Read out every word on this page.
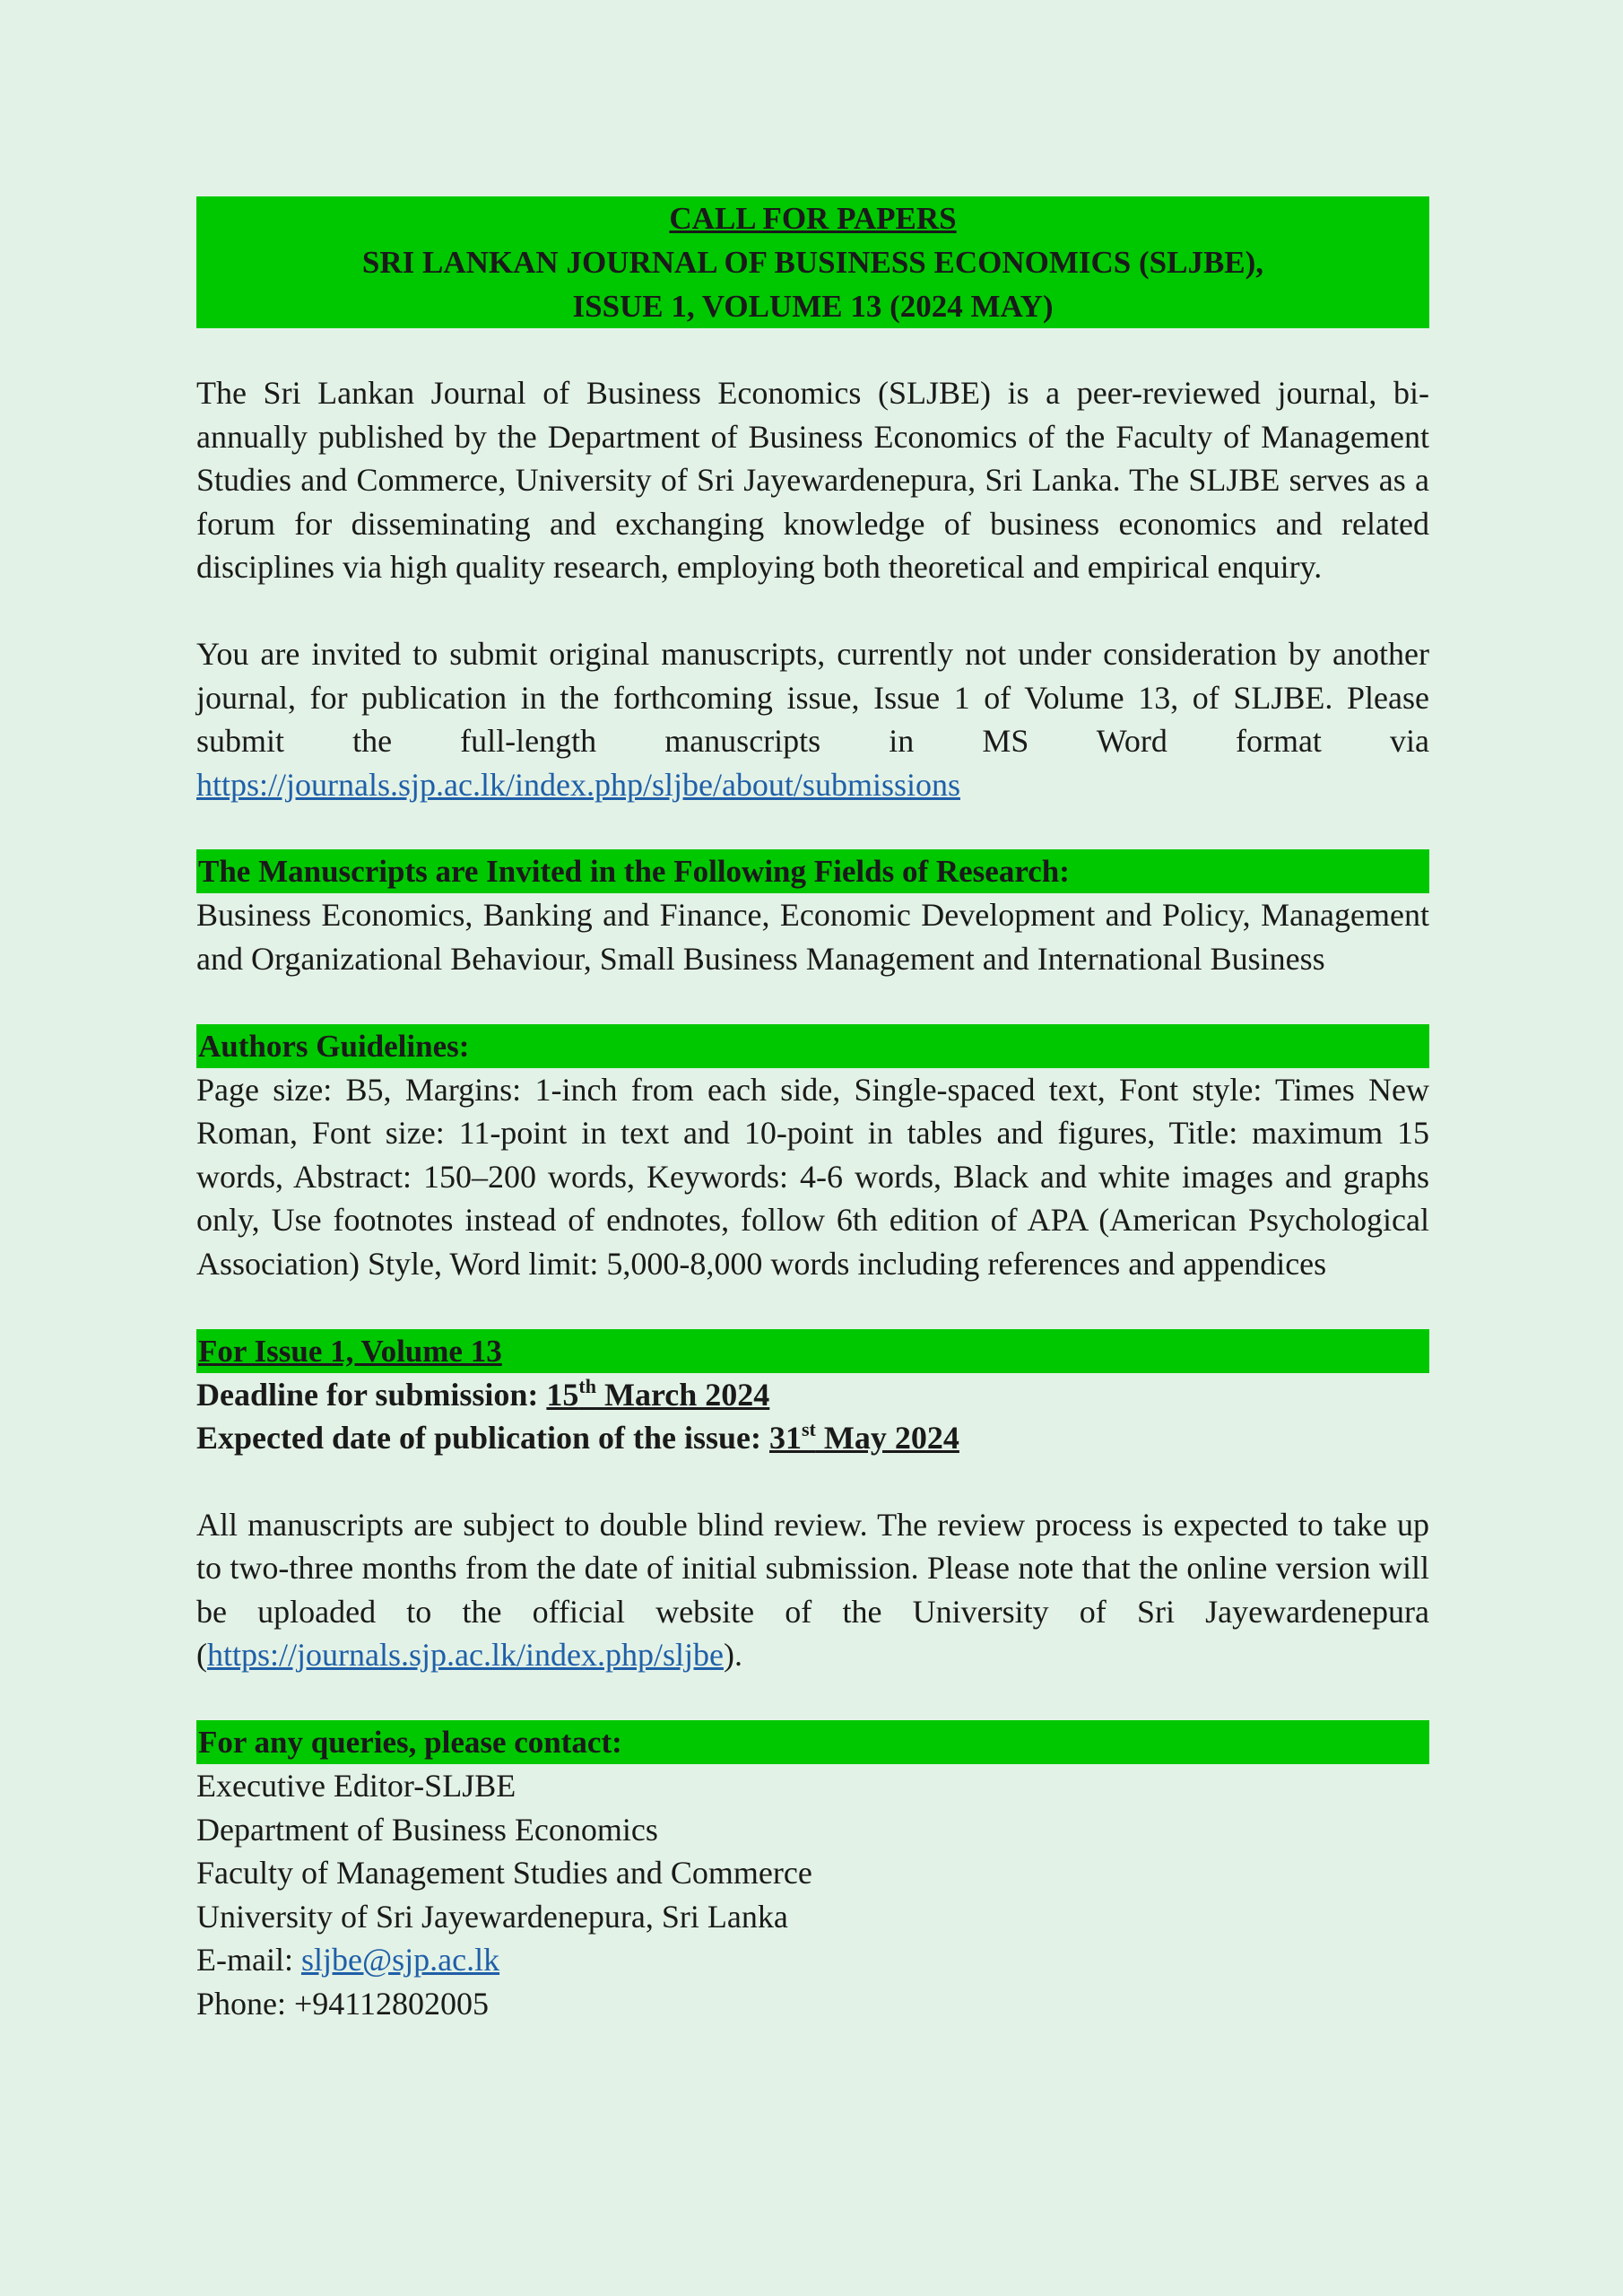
CALL FOR PAPERS
SRI LANKAN JOURNAL OF BUSINESS ECONOMICS (SLJBE),
ISSUE 1, VOLUME 13 (2024 MAY)

The Sri Lankan Journal of Business Economics (SLJBE) is a peer-reviewed journal, bi-annually published by the Department of Business Economics of the Faculty of Management Studies and Commerce, University of Sri Jayewardenepura, Sri Lanka. The SLJBE serves as a forum for disseminating and exchanging knowledge of business economics and related disciplines via high quality research, employing both theoretical and empirical enquiry.

You are invited to submit original manuscripts, currently not under consideration by another journal, for publication in the forthcoming issue, Issue 1 of Volume 13, of SLJBE. Please submit the full-length manuscripts in MS Word format via https://journals.sjp.ac.lk/index.php/sljbe/about/submissions

The Manuscripts are Invited in the Following Fields of Research:

Business Economics, Banking and Finance, Economic Development and Policy, Management and Organizational Behaviour, Small Business Management and International Business

Authors Guidelines:

Page size: B5, Margins: 1-inch from each side, Single-spaced text, Font style: Times New Roman, Font size: 11-point in text and 10-point in tables and figures, Title: maximum 15 words, Abstract: 150–200 words, Keywords: 4-6 words, Black and white images and graphs only, Use footnotes instead of endnotes, follow 6th edition of APA (American Psychological Association) Style, Word limit: 5,000-8,000 words including references and appendices

For Issue 1, Volume 13
Deadline for submission: 15th March 2024
Expected date of publication of the issue: 31st May 2024

All manuscripts are subject to double blind review. The review process is expected to take up to two-three months from the date of initial submission. Please note that the online version will be uploaded to the official website of the University of Sri Jayewardenepura (https://journals.sjp.ac.lk/index.php/sljbe).

For any queries, please contact:
Executive Editor-SLJBE
Department of Business Economics
Faculty of Management Studies and Commerce
University of Sri Jayewardenepura, Sri Lanka
E-mail: sljbe@sjp.ac.lk
Phone: +94112802005
